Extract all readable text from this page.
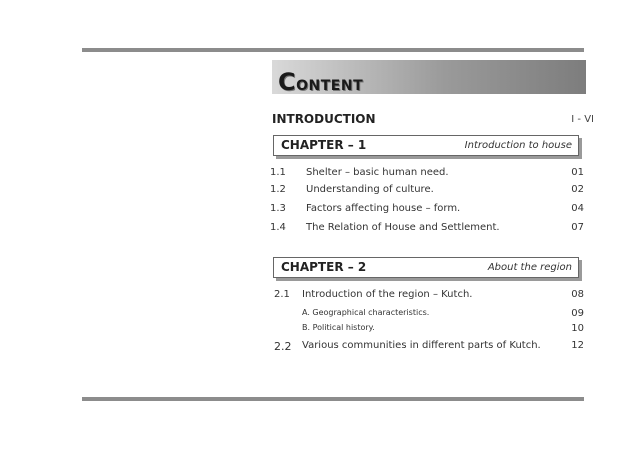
CONTENT
INTRODUCTION	I - VI
CHAPTER – 1	Introduction to house
1.1 Shelter – basic human need.	01
1.2 Understanding of culture.	02
1.3 Factors affecting house – form.	04
1.4 The Relation of House and Settlement.	07
CHAPTER – 2	About the region
2.1 Introduction of the region – Kutch.	08
A. Geographical characteristics.	09
B. Political history.	10
2.2 Various communities in different parts of Kutch.	12
